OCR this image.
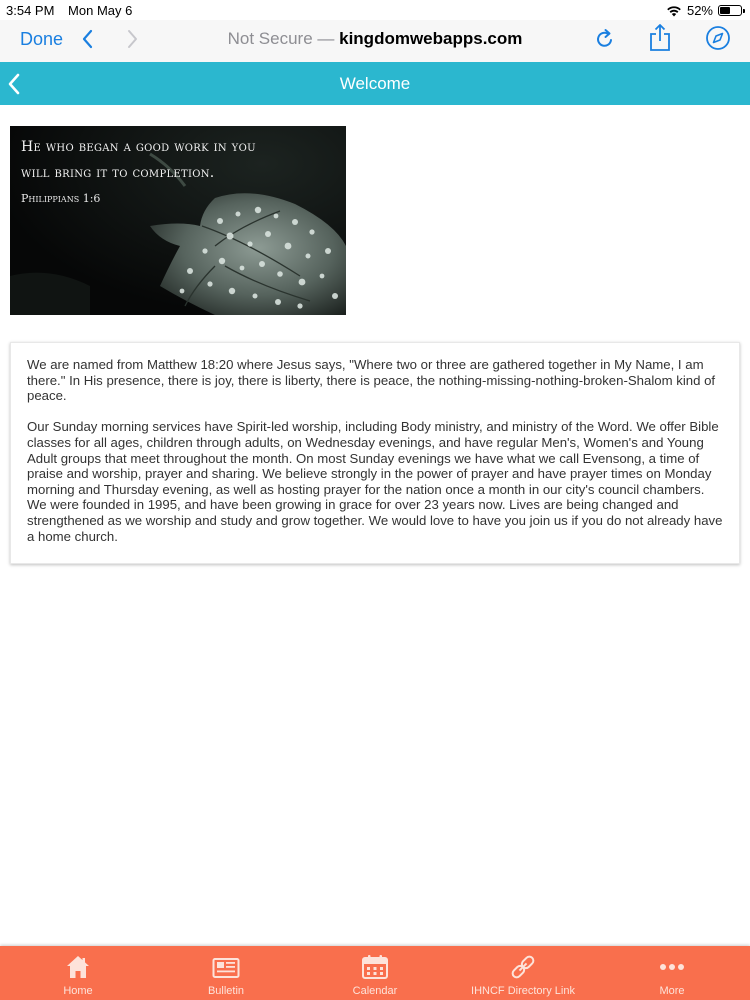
3:54 PM Mon May 6	52%
Done	Not Secure — kingdomwebapps.com
Welcome
He who began a good work in you
will bring it to completion.
Philippians 1:6

We are named from Matthew 18:20 where Jesus says, "Where two or three are gathered together in My Name, I am there." In His presence, there is joy, there is liberty, there is peace, the nothing-missing-nothing-broken-Shalom kind of peace.

Our Sunday morning services have Spirit-led worship, including Body ministry, and ministry of the Word. We offer Bible classes for all ages, children through adults, on Wednesday evenings, and have regular Men's, Women's and Young Adult groups that meet throughout the month. On most Sunday evenings we have what we call Evensong, a time of praise and worship, prayer and sharing. We believe strongly in the power of prayer and have prayer times on Monday morning and Thursday evening, as well as hosting prayer for the nation once a month in our city's council chambers. We were founded in 1995, and have been growing in grace for over 23 years now. Lives are being changed and strengthened as we worship and study and grow together. We would love to have you join us if you do not already have a home church.

Home	Bulletin	Calendar	IHNCF Directory Link	More
